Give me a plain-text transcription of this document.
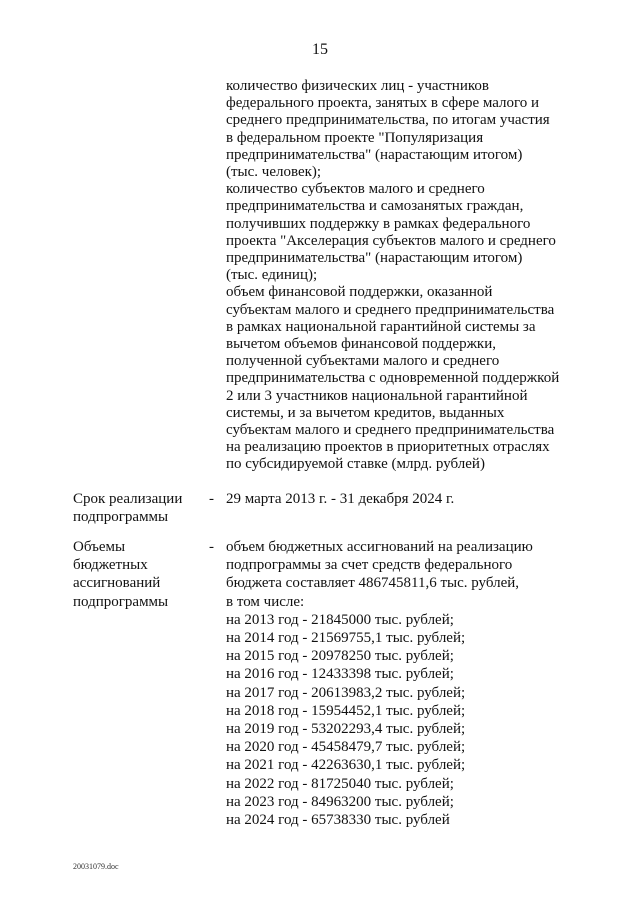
15
количество физических лиц - участников
федерального проекта, занятых в сфере малого и
среднего предпринимательства, по итогам участия
в федеральном проекте "Популяризация
предпринимательства" (нарастающим итогом)
(тыс. человек);
количество субъектов малого и среднего
предпринимательства и самозанятых граждан,
получивших поддержку в рамках федерального
проекта "Акселерация субъектов малого и среднего
предпринимательства" (нарастающим итогом)
(тыс. единиц);
объем финансовой поддержки, оказанной
субъектам малого и среднего предпринимательства
в рамках национальной гарантийной системы за
вычетом объемов финансовой поддержки,
полученной субъектами малого и среднего
предпринимательства с одновременной поддержкой
2 или 3 участников национальной гарантийной
системы, и за вычетом кредитов, выданных
субъектам малого и среднего предпринимательства
на реализацию проектов в приоритетных отраслях
по субсидируемой ставке (млрд. рублей)
Срок реализации
подпрограммы
- 29 марта 2013 г. - 31 декабря 2024 г.
Объемы
бюджетных
ассигнований
подпрограммы
- объем бюджетных ассигнований на реализацию
подпрограммы за счет средств федерального
бюджета составляет 486745811,6 тыс. рублей,
в том числе:
на 2013 год - 21845000 тыс. рублей;
на 2014 год - 21569755,1 тыс. рублей;
на 2015 год - 20978250 тыс. рублей;
на 2016 год - 12433398 тыс. рублей;
на 2017 год - 20613983,2 тыс. рублей;
на 2018 год - 15954452,1 тыс. рублей;
на 2019 год - 53202293,4 тыс. рублей;
на 2020 год - 45458479,7 тыс. рублей;
на 2021 год - 42263630,1 тыс. рублей;
на 2022 год - 81725040 тыс. рублей;
на 2023 год - 84963200 тыс. рублей;
на 2024 год - 65738330 тыс. рублей
20031079.doc
